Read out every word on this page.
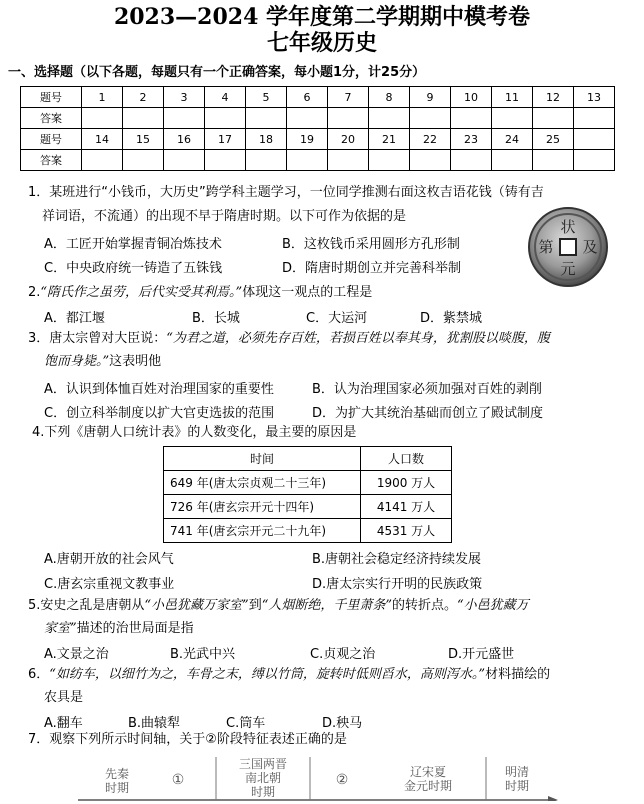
2023—2024 学年度第二学期期中模考卷
七年级历史
一、选择题（以下各题，每题只有一个正确答案，每小题1分，计25分）
题号	1	2	3	4	5	6	7	8	9	10	11	12	13
答案													
题号	14	15	16	17	18	19	20	21	22	23	24	25	
答案													
1．某班进行“小钱币，大历史”跨学科主题学习，一位同学推测右面这枚吉语花钱（铸有吉
祥词语，不流通）的出现不早于隋唐时期。以下可作为依据的是
A．工匠开始掌握青铜冶炼技术	B．这枚钱币采用圆形方孔形制
C．中央政府统一铸造了五铢钱	D．隋唐时期创立并完善科举制
状
元
及
第
2.“隋氏作之虽劳，后代实受其利焉。”体现这一观点的工程是
A．都江堰	B．长城	C．大运河	D．紫禁城
3．唐太宗曾对大臣说：“为君之道，必须先存百姓，若损百姓以奉其身，犹割股以啖腹，腹
饱而身毙。”这表明他
A．认识到体恤百姓对治理国家的重要性	B．认为治理国家必须加强对百姓的剥削
C．创立科举制度以扩大官吏选拔的范围	D．为扩大其统治基础而创立了殿试制度
4.下列《唐朝人口统计表》的人数变化，最主要的原因是
时间	人口数
649 年(唐太宗贞观二十三年)	1900 万人
726 年(唐玄宗开元十四年)	4141 万人
741 年(唐玄宗开元二十九年)	4531 万人
A.唐朝开放的社会风气	B.唐朝社会稳定经济持续发展
C.唐玄宗重视文教事业	D.唐太宗实行开明的民族政策
5.安史之乱是唐朝从“小邑犹藏万家室”到“人烟断绝，千里萧条”的转折点。“小邑犹藏万
家室”描述的治世局面是指
A.文景之治	B.光武中兴	C.贞观之治	D.开元盛世
6．“如纺车，以细竹为之，车骨之末，缚以竹筒，旋转时低则舀水，高则泻水。”材料描绘的
农具是
A.翻车	B.曲辕犁	C.筒车	D.秧马
7．观察下列所示时间轴，关于②阶段特征表述正确的是
先秦
时期	①
三国两晋
南北朝
时期
②	辽宋夏
金元时期
明清
时期
